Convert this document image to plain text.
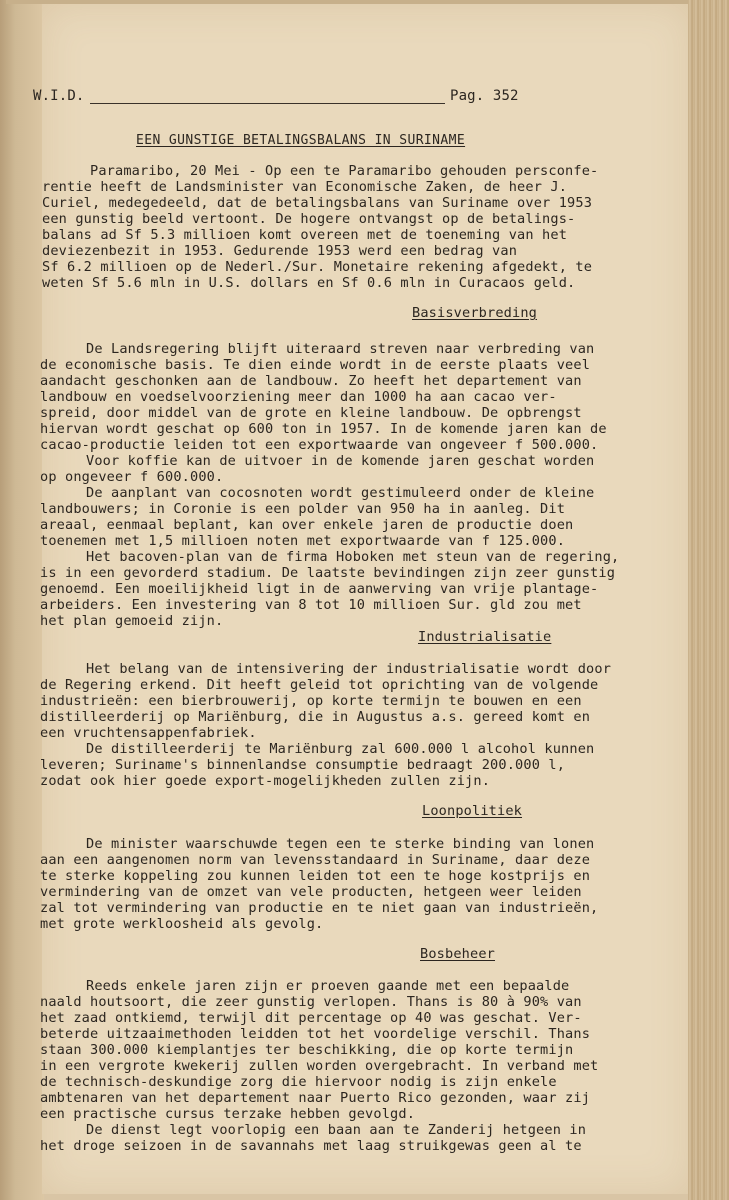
W.I.D.	Pag. 352
EEN GUNSTIGE BETALINGSBALANS IN SURINAME
Paramaribo, 20 Mei - Op een te Paramaribo gehouden persconfe-
rentie heeft de Landsminister van Economische Zaken, de heer J.
Curiel, medegedeeld, dat de betalingsbalans van Suriname over 1953
een gunstig beeld vertoont. De hogere ontvangst op de betalings-
balans ad Sf 5.3 millioen komt overeen met de toeneming van het
deviezenbezit in 1953. Gedurende 1953 werd een bedrag van
Sf 6.2 millioen op de Nederl./Sur. Monetaire rekening afgedekt, te
weten Sf 5.6 mln in U.S. dollars en Sf 0.6 mln in Curacaos geld.
Basisverbreding
De Landsregering blijft uiteraard streven naar verbreding van
de economische basis. Te dien einde wordt in de eerste plaats veel
aandacht geschonken aan de landbouw. Zo heeft het departement van
landbouw en voedselvoorziening meer dan 1000 ha aan cacao ver-
spreid, door middel van de grote en kleine landbouw. De opbrengst
hiervan wordt geschat op 600 ton in 1957. In de komende jaren kan de
cacao-productie leiden tot een exportwaarde van ongeveer f 500.000.
Voor koffie kan de uitvoer in de komende jaren geschat worden
op ongeveer f 600.000.
De aanplant van cocosnoten wordt gestimuleerd onder de kleine
landbouwers; in Coronie is een polder van 950 ha in aanleg. Dit
areaal, eenmaal beplant, kan over enkele jaren de productie doen
toenemen met 1,5 millioen noten met exportwaarde van f 125.000.
Het bacoven-plan van de firma Hoboken met steun van de regering,
is in een gevorderd stadium. De laatste bevindingen zijn zeer gunstig
genoemd. Een moeilijkheid ligt in de aanwerving van vrije plantage-
arbeiders. Een investering van 8 tot 10 millioen Sur. gld zou met
het plan gemoeid zijn.
Industrialisatie
Het belang van de intensivering der industrialisatie wordt door
de Regering erkend. Dit heeft geleid tot oprichting van de volgende
industrieën: een bierbrouwerij, op korte termijn te bouwen en een
distilleerderij op Mariënburg, die in Augustus a.s. gereed komt en
een vruchtensappenfabriek.
De distilleerderij te Mariënburg zal 600.000 l alcohol kunnen
leveren; Suriname's binnenlandse consumptie bedraagt 200.000 l,
zodat ook hier goede export-mogelijkheden zullen zijn.
Loonpolitiek
De minister waarschuwde tegen een te sterke binding van lonen
aan een aangenomen norm van levensstandaard in Suriname, daar deze
te sterke koppeling zou kunnen leiden tot een te hoge kostprijs en
vermindering van de omzet van vele producten, hetgeen weer leiden
zal tot vermindering van productie en te niet gaan van industrieën,
met grote werkloosheid als gevolg.
Bosbeheer
Reeds enkele jaren zijn er proeven gaande met een bepaalde
naald houtsoort, die zeer gunstig verlopen. Thans is 80 à 90% van
het zaad ontkiemd, terwijl dit percentage op 40 was geschat. Ver-
beterde uitzaaimethoden leidden tot het voordelige verschil. Thans
staan 300.000 kiemplantjes ter beschikking, die op korte termijn
in een vergrote kwekerij zullen worden overgebracht. In verband met
de technisch-deskundige zorg die hiervoor nodig is zijn enkele
ambtenaren van het departement naar Puerto Rico gezonden, waar zij
een practische cursus terzake hebben gevolgd.
De dienst legt voorlopig een baan aan te Zanderij hetgeen in
het droge seizoen in de savannahs met laag struikgewas geen al te
